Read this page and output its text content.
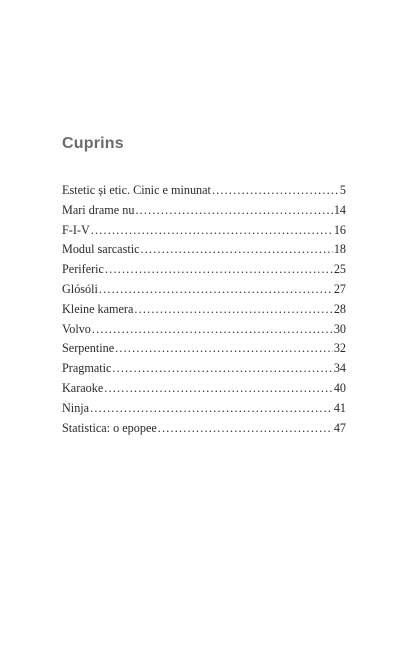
Cuprins
Estetic și etic. Cinic e minunat .....	5
Mari drame nu .....	14
F-I-V .....	16
Modul sarcastic .....	18
Periferic .....	25
Glósóli .....	27
Kleine kamera .....	28
Volvo .....	30
Serpentine .....	32
Pragmatic .....	34
Karaoke .....	40
Ninja .....	41
Statistica: o epopee .....	47
